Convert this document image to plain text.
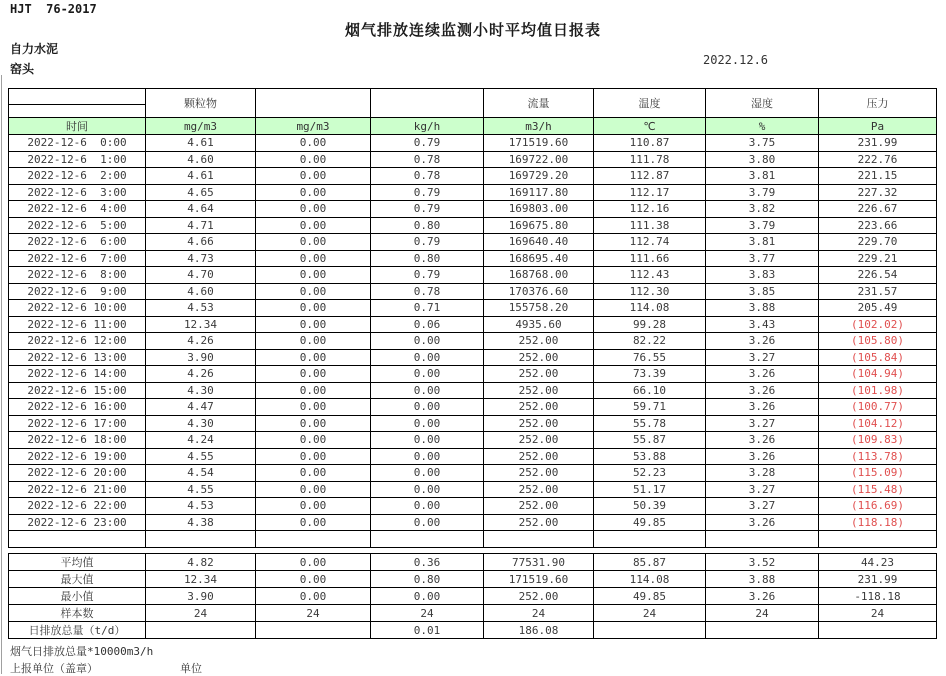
HJT  76-2017
烟气排放连续监测小时平均值日报表
自力水泥
窑头
2022.12.6
	颗粒物			流量	温度	湿度	压力

时间	mg/m3	mg/m3	kg/h	m3/h	℃	%	Pa
2022-12-6  0:00	4.61	0.00	0.79	171519.60	110.87	3.75	231.99
2022-12-6  1:00	4.60	0.00	0.78	169722.00	111.78	3.80	222.76
2022-12-6  2:00	4.61	0.00	0.78	169729.20	112.87	3.81	221.15
2022-12-6  3:00	4.65	0.00	0.79	169117.80	112.17	3.79	227.32
2022-12-6  4:00	4.64	0.00	0.79	169803.00	112.16	3.82	226.67
2022-12-6  5:00	4.71	0.00	0.80	169675.80	111.38	3.79	223.66
2022-12-6  6:00	4.66	0.00	0.79	169640.40	112.74	3.81	229.70
2022-12-6  7:00	4.73	0.00	0.80	168695.40	111.66	3.77	229.21
2022-12-6  8:00	4.70	0.00	0.79	168768.00	112.43	3.83	226.54
2022-12-6  9:00	4.60	0.00	0.78	170376.60	112.30	3.85	231.57
2022-12-6 10:00	4.53	0.00	0.71	155758.20	114.08	3.88	205.49
2022-12-6 11:00	12.34	0.00	0.06	4935.60	99.28	3.43	(102.02)
2022-12-6 12:00	4.26	0.00	0.00	252.00	82.22	3.26	(105.80)
2022-12-6 13:00	3.90	0.00	0.00	252.00	76.55	3.27	(105.84)
2022-12-6 14:00	4.26	0.00	0.00	252.00	73.39	3.26	(104.94)
2022-12-6 15:00	4.30	0.00	0.00	252.00	66.10	3.26	(101.98)
2022-12-6 16:00	4.47	0.00	0.00	252.00	59.71	3.26	(100.77)
2022-12-6 17:00	4.30	0.00	0.00	252.00	55.78	3.27	(104.12)
2022-12-6 18:00	4.24	0.00	0.00	252.00	55.87	3.26	(109.83)
2022-12-6 19:00	4.55	0.00	0.00	252.00	53.88	3.26	(113.78)
2022-12-6 20:00	4.54	0.00	0.00	252.00	52.23	3.28	(115.09)
2022-12-6 21:00	4.55	0.00	0.00	252.00	51.17	3.27	(115.48)
2022-12-6 22:00	4.53	0.00	0.00	252.00	50.39	3.27	(116.69)
2022-12-6 23:00	4.38	0.00	0.00	252.00	49.85	3.26	(118.18)

平均值	4.82	0.00	0.36	77531.90	85.87	3.52	44.23
最大值	12.34	0.00	0.80	171519.60	114.08	3.88	231.99
最小值	3.90	0.00	0.00	252.00	49.85	3.26	-118.18
样本数	24	24	24	24	24	24	24
日排放总量（t/d）			0.01	186.08			
烟气日排放总量*10000m3/h
上报单位（盖章）	单位
